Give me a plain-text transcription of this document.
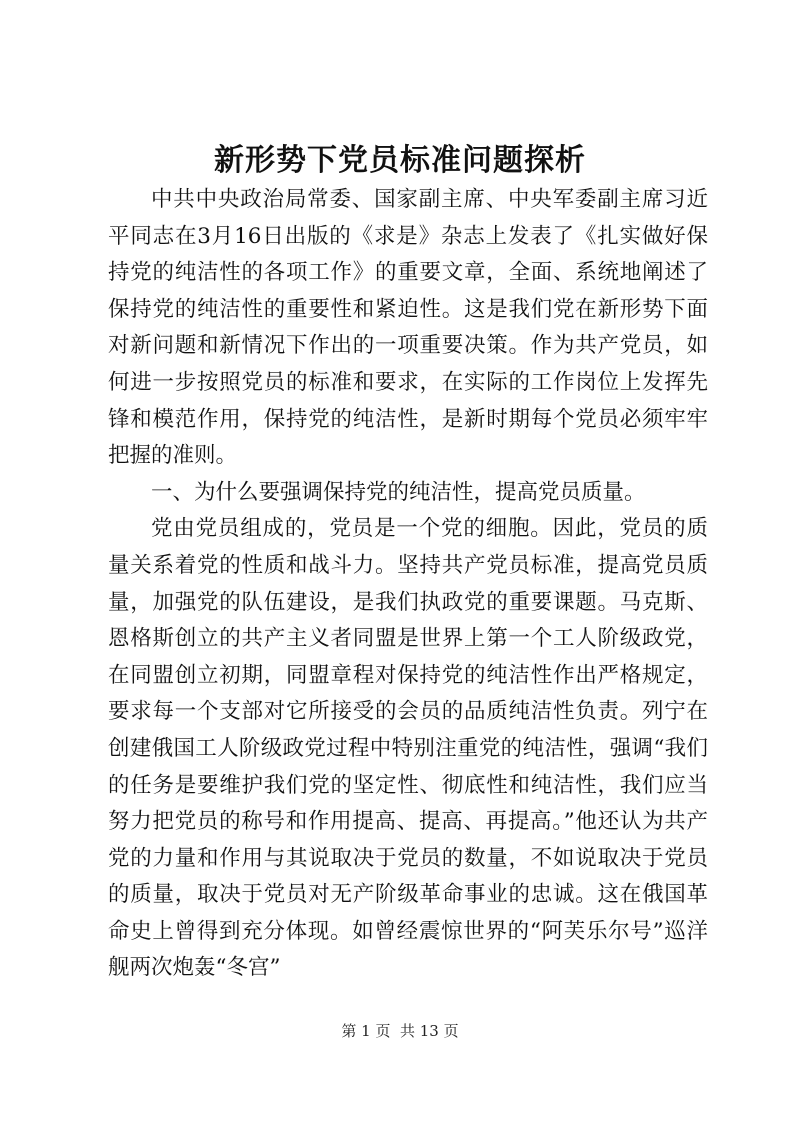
新形势下党员标准问题探析

中共中央政治局常委、国家副主席、中央军委副主席习近平同志在3月16日出版的《求是》杂志上发表了《扎实做好保持党的纯洁性的各项工作》的重要文章，全面、系统地阐述了保持党的纯洁性的重要性和紧迫性。这是我们党在新形势下面对新问题和新情况下作出的一项重要决策。作为共产党员，如何进一步按照党员的标准和要求，在实际的工作岗位上发挥先锋和模范作用，保持党的纯洁性，是新时期每个党员必须牢牢把握的准则。

一、为什么要强调保持党的纯洁性，提高党员质量。

党由党员组成的，党员是一个党的细胞。因此，党员的质量关系着党的性质和战斗力。坚持共产党员标准，提高党员质量，加强党的队伍建设，是我们执政党的重要课题。马克斯、恩格斯创立的共产主义者同盟是世界上第一个工人阶级政党，在同盟创立初期，同盟章程对保持党的纯洁性作出严格规定，要求每一个支部对它所接受的会员的品质纯洁性负责。列宁在创建俄国工人阶级政党过程中特别注重党的纯洁性，强调“我们的任务是要维护我们党的坚定性、彻底性和纯洁性，我们应当努力把党员的称号和作用提高、提高、再提高。”他还认为共产党的力量和作用与其说取决于党员的数量，不如说取决于党员的质量，取决于党员对无产阶级革命事业的忠诚。这在俄国革命史上曾得到充分体现。如曾经震惊世界的“阿芙乐尔号”巡洋舰两次炮轰“冬宫”

第 1 页  共 13 页
